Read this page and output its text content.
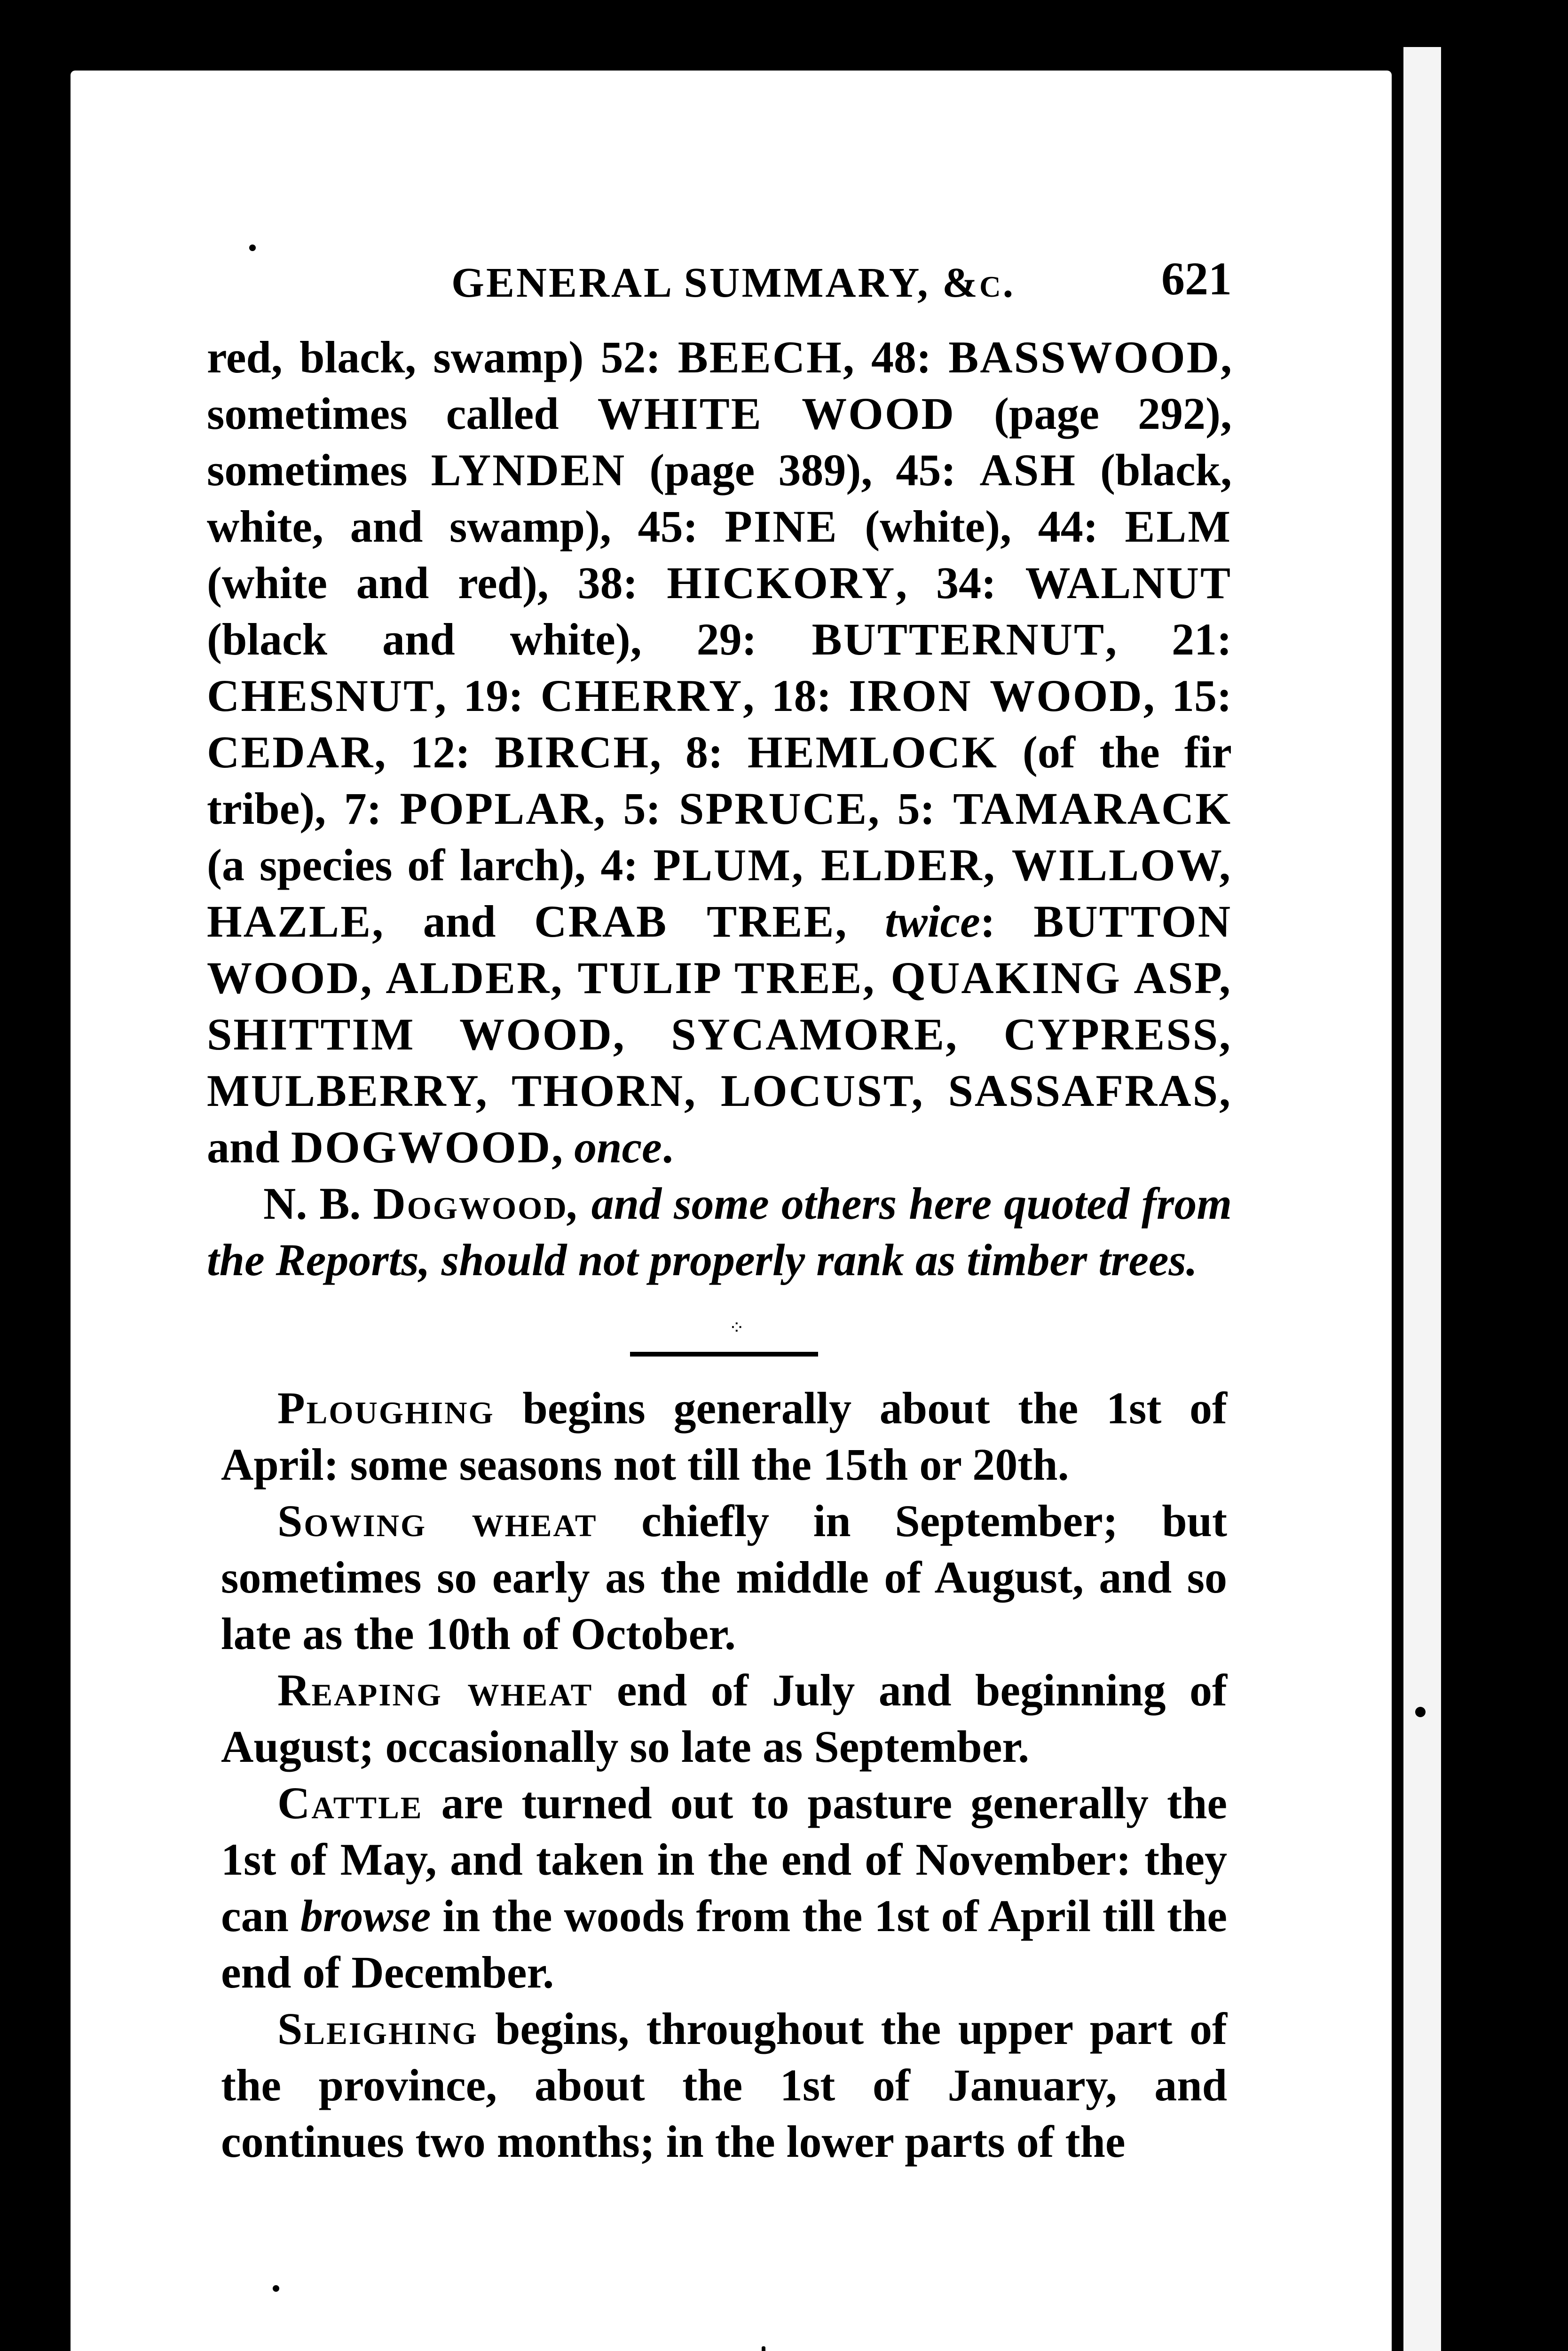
GENERAL SUMMARY, &c.	621

red, black, swamp) 52: BEECH, 48: BASSWOOD, sometimes called WHITE WOOD (page 292), sometimes LYNDEN (page 389), 45: ASH (black, white, and swamp), 45: PINE (white), 44: ELM (white and red), 38: HICKORY, 34: WALNUT (black and white), 29: BUTTERNUT, 21: CHESNUT, 19: CHERRY, 18: IRON WOOD, 15: CEDAR, 12: BIRCH, 8: HEMLOCK (of the fir tribe), 7: POPLAR, 5: SPRUCE, 5: TAMARACK (a species of larch), 4: PLUM, ELDER, WILLOW, HAZLE, and CRAB TREE, twice: BUTTON WOOD, ALDER, TULIP TREE, QUAKING ASP, SHITTIM WOOD, SYCAMORE, CYPRESS, MULBERRY, THORN, LOCUST, SASSAFRAS, and DOGWOOD, once.

N. B. Dogwood, and some others here quoted from the Reports, should not properly rank as timber trees.

⁘

Ploughing begins generally about the 1st of April: some seasons not till the 15th or 20th.

Sowing wheat chiefly in September; but sometimes so early as the middle of August, and so late as the 10th of October.

Reaping wheat end of July and beginning of August; occasionally so late as September.

Cattle are turned out to pasture generally the 1st of May, and taken in the end of November: they can browse in the woods from the 1st of April till the end of December.

Sleighing begins, throughout the upper part of the province, about the 1st of January, and continues two months; in the lower parts of the
